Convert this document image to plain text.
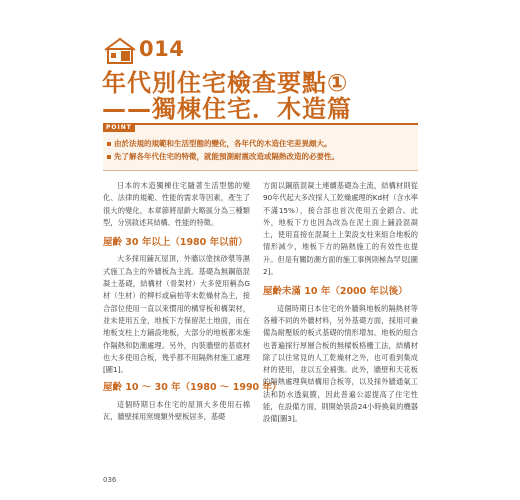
014
年代別住宅檢查要點①
——獨棟住宅．木造篇
POINT
由於法規的規範和生活型態的變化，各年代的木造住宅差異頗大。
先了解各年代住宅的特徵，就能預測耐震改造或隔熱改造的必要性。

日本的木造獨棟住宅隨著生活型態的變化、法律的規範、性能的需求等因素，產生了很大的變化，本章節將屋齡大略區分為三種類型，分別敘述其結構、性能的特徵。

屋齡 30 年以上（1980 年以前）

大多採用鋪瓦屋頂，外牆以塗抹砂漿等濕式施工為主的外牆板為主流。基礎為無鋼筋混凝土基礎，結構材（骨架材）大多使用稱為G材（生材）的柳杉或扁柏等未乾燥材為主，接合部位使用一直以來慣用的構穿板和構架材，並未使用五金，地板下方保留泥土地面，而在地板支柱上方鋪設地板，大部分的地板都未施作隔熱和防潮處理。另外，內裝牆壁的基底材也大多使用合板，幾乎都不用隔熱材施工處理[圖1]。

屋齡 10 ～ 30 年（1980 ～ 1990 年）

這個時期日本住宅的屋頂大多使用石棉瓦，牆壁採用窯燒類外壁板居多，基礎

方面以鋼筋混凝土連續基礎為主流，結構材則從90年代起大多改採人工乾燥處理的Kd材（含水率不滿15%），接合部也首次使用五金鎖合。此外，地板下方也因為改為在泥土面上鋪設混凝土，使用直接在混凝土上架設支柱來組合地板的情形減少，地板下方的隔熱施工的有效性也提升。但是有關防潮方面的施工事例則極為罕見[圖2]。

屋齡未滿 10 年（2000 年以後）

這個時期日本住宅的外牆與地板的隔熱材等各種不同的外牆材料，另外基礎方面，採用可兼備為耐壓版的板式基礎的情形增加。地板的組合也普遍採行厚層合板的無樑板格栅工法，結構材除了以往常見的人工乾燥材之外，也可看到集成材的使用，並以五金補強。此外，牆壁和天花板的隔熱處理與結構用合板等，以及採外牆通氣工法和防水透氣膜，因此普遍公認提高了住宅性能，在設備方面，則開始裝設24小時換氣的機器設備[圖3]。

036
